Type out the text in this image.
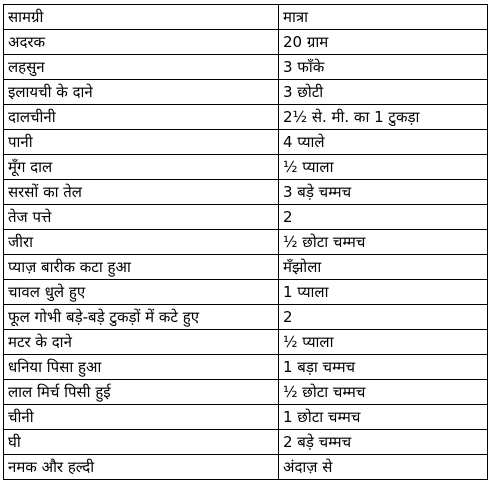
सामग्री	मात्रा
अदरक	20 ग्राम
लहसुन	3 फाँके
इलायची के दाने	3 छोटी
दालचीनी	2½ से. मी. का 1 टुकड़ा
पानी	4 प्याले
मूँग दाल	½ प्याला
सरसों का तेल	3 बड़े चम्मच
तेज पत्ते	2
जीरा	½ छोटा चम्मच
प्याज़ बारीक कटा हुआ	मँझोला
चावल धुले हुए	1 प्याला
फूल गोभी बड़े-बड़े टुकड़ों में कटे हुए	2
मटर के दाने	½ प्याला
धनिया पिसा हुआ	1 बड़ा चम्मच
लाल मिर्च पिसी हुई	½ छोटा चम्मच
चीनी	1 छोटा चम्मच
घी	2 बड़े चम्मच
नमक और हल्दी	अंदाज़ से
